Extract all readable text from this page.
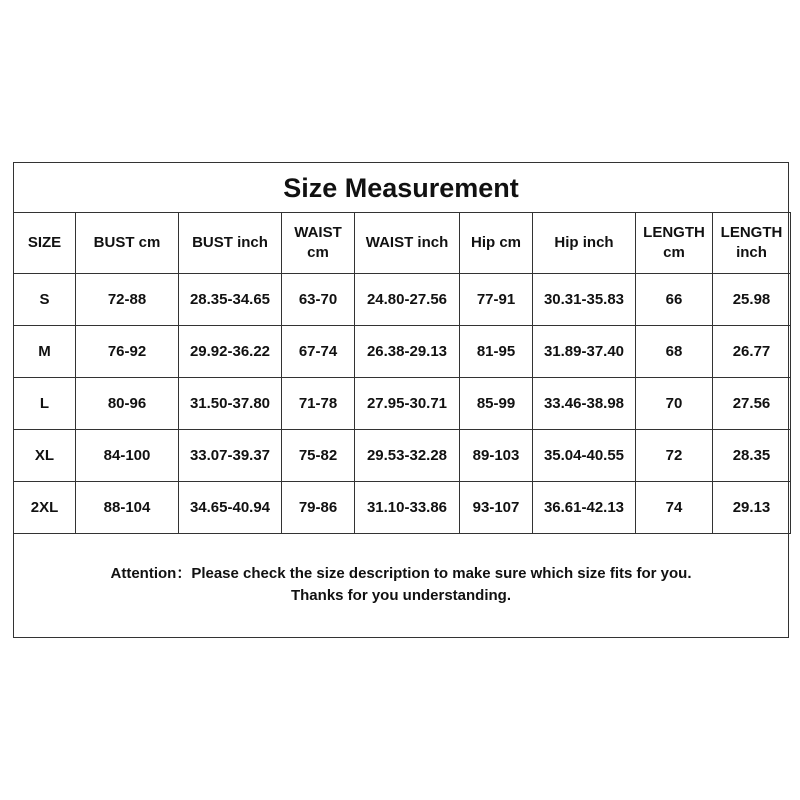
Size Measurement
SIZE	BUST cm	BUST inch	WAIST cm	WAIST inch	Hip cm	Hip inch	LENGTH cm	LENGTH inch
S	72-88	28.35-34.65	63-70	24.80-27.56	77-91	30.31-35.83	66	25.98
M	76-92	29.92-36.22	67-74	26.38-29.13	81-95	31.89-37.40	68	26.77
L	80-96	31.50-37.80	71-78	27.95-30.71	85-99	33.46-38.98	70	27.56
XL	84-100	33.07-39.37	75-82	29.53-32.28	89-103	35.04-40.55	72	28.35
2XL	88-104	34.65-40.94	79-86	31.10-33.86	93-107	36.61-42.13	74	29.13
Attention：Please check the size description to make sure which size fits for you.
Thanks for you understanding.
